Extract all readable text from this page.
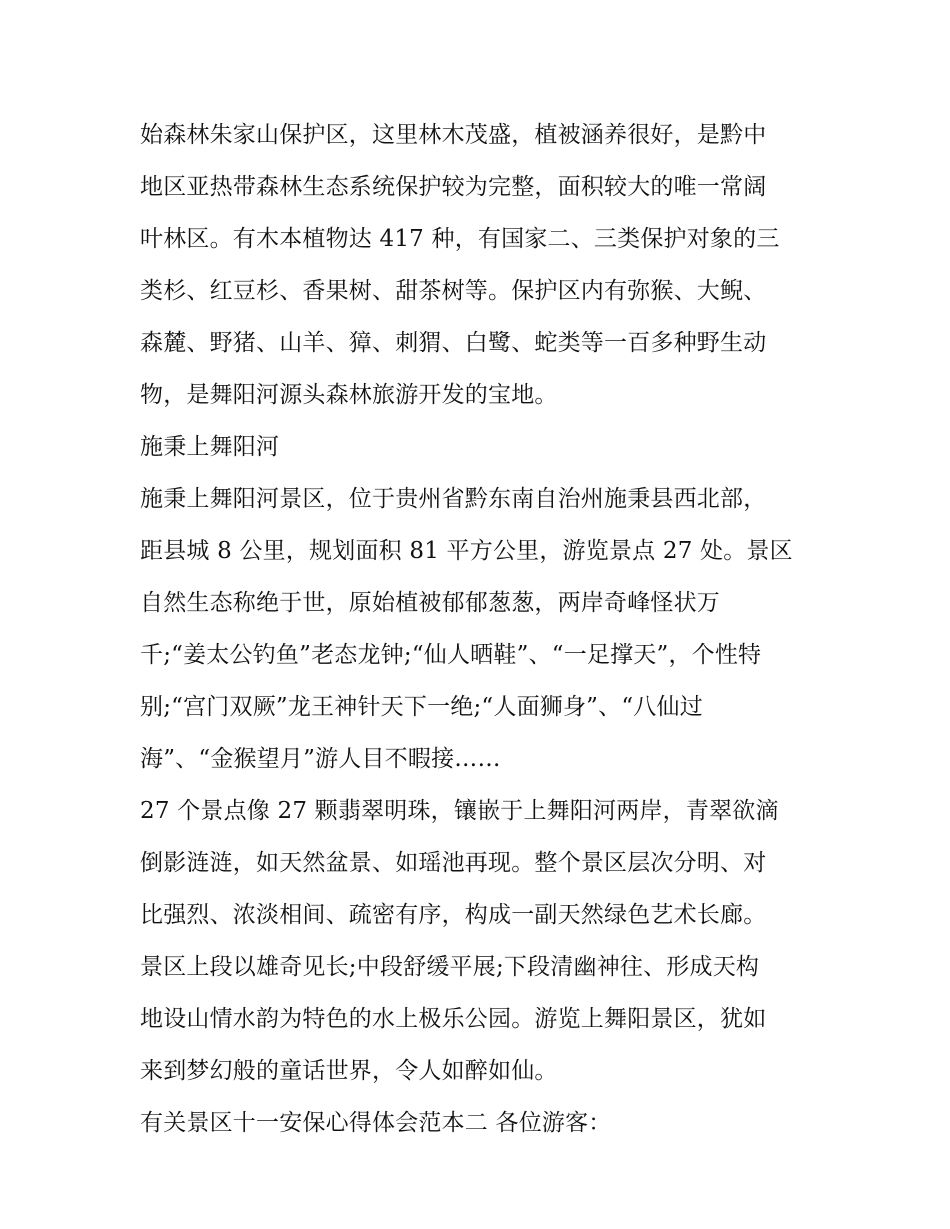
始森林朱家山保护区，这里林木茂盛，植被涵养很好，是黔中
地区亚热带森林生态系统保护较为完整，面积较大的唯一常阔
叶林区。有木本植物达 417 种，有国家二、三类保护对象的三
类杉、红豆杉、香果树、甜茶树等。保护区内有弥猴、大鲵、
森麓、野猪、山羊、獐、刺猬、白鹭、蛇类等一百多种野生动
物，是舞阳河源头森林旅游开发的宝地。
施秉上舞阳河
施秉上舞阳河景区，位于贵州省黔东南自治州施秉县西北部，
距县城 8 公里，规划面积 81 平方公里，游览景点 27 处。景区
自然生态称绝于世，原始植被郁郁葱葱，两岸奇峰怪状万
千;“姜太公钓鱼”老态龙钟;“仙人晒鞋”、“一足撑天”，个性特
别;“宫门双厥”龙王神针天下一绝;“人面狮身”、“八仙过
海”、“金猴望月”游人目不暇接……
27 个景点像 27 颗翡翠明珠，镶嵌于上舞阳河两岸，青翠欲滴
倒影涟涟，如天然盆景、如瑶池再现。整个景区层次分明、对
比强烈、浓淡相间、疏密有序，构成一副天然绿色艺术长廊。
景区上段以雄奇见长;中段舒缓平展;下段清幽神往、形成天构
地设山情水韵为特色的水上极乐公园。游览上舞阳景区，犹如
来到梦幻般的童话世界，令人如醉如仙。
有关景区十一安保心得体会范本二 各位游客：
